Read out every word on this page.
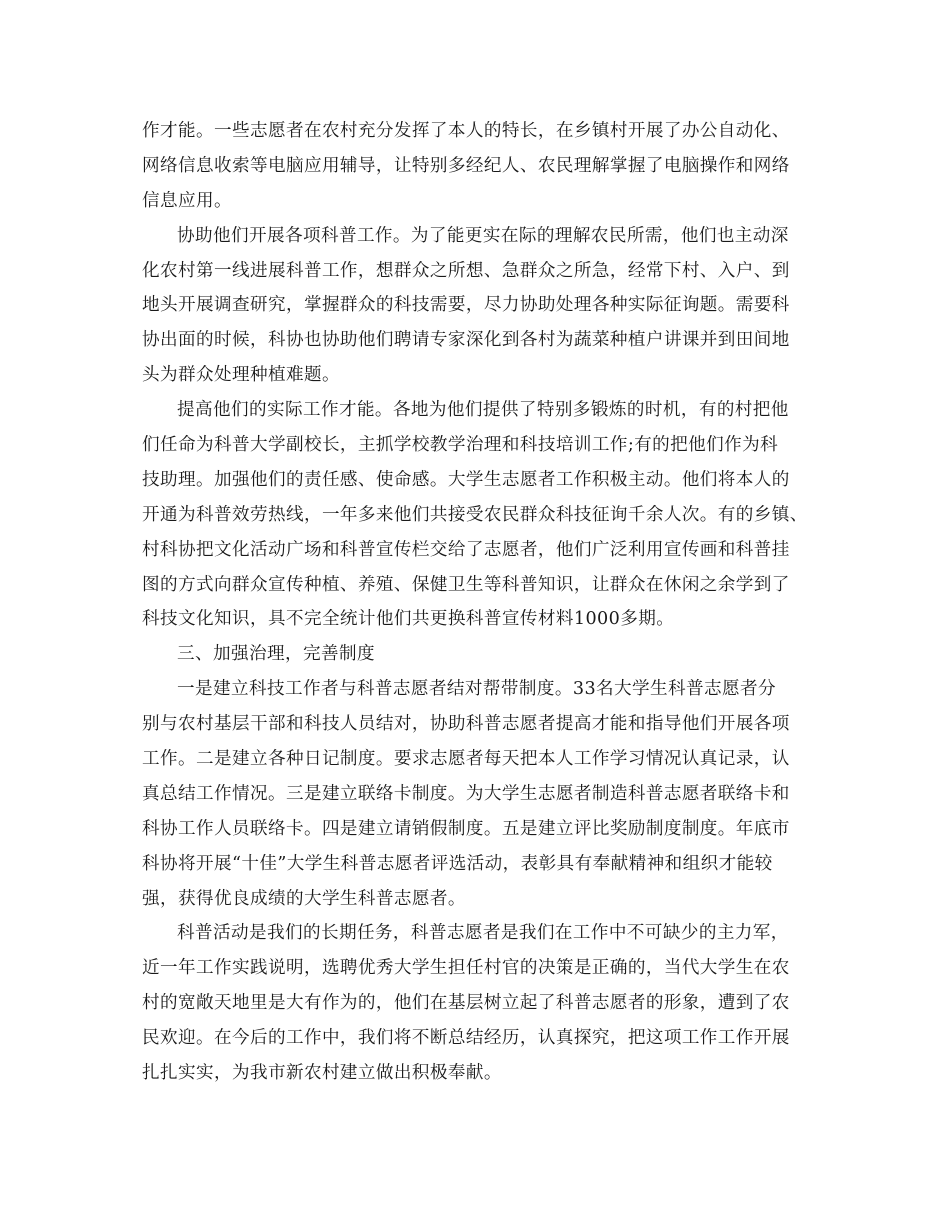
作才能。一些志愿者在农村充分发挥了本人的特长，在乡镇村开展了办公自动化、
网络信息收索等电脑应用辅导，让特别多经纪人、农民理解掌握了电脑操作和网络
信息应用。
协助他们开展各项科普工作。为了能更实在际的理解农民所需，他们也主动深
化农村第一线进展科普工作，想群众之所想、急群众之所急，经常下村、入户、到
地头开展调查研究，掌握群众的科技需要，尽力协助处理各种实际征询题。需要科
协出面的时候，科协也协助他们聘请专家深化到各村为蔬菜种植户讲课并到田间地
头为群众处理种植难题。
提高他们的实际工作才能。各地为他们提供了特别多锻炼的时机，有的村把他
们任命为科普大学副校长，主抓学校教学治理和科技培训工作;有的把他们作为科
技助理。加强他们的责任感、使命感。大学生志愿者工作积极主动。他们将本人的
开通为科普效劳热线，一年多来他们共接受农民群众科技征询千余人次。有的乡镇、
村科协把文化活动广场和科普宣传栏交给了志愿者，他们广泛利用宣传画和科普挂
图的方式向群众宣传种植、养殖、保健卫生等科普知识，让群众在休闲之余学到了
科技文化知识，具不完全统计他们共更换科普宣传材料1000多期。
三、加强治理，完善制度
一是建立科技工作者与科普志愿者结对帮带制度。33名大学生科普志愿者分
别与农村基层干部和科技人员结对，协助科普志愿者提高才能和指导他们开展各项
工作。二是建立各种日记制度。要求志愿者每天把本人工作学习情况认真记录，认
真总结工作情况。三是建立联络卡制度。为大学生志愿者制造科普志愿者联络卡和
科协工作人员联络卡。四是建立请销假制度。五是建立评比奖励制度制度。年底市
科协将开展“十佳”大学生科普志愿者评选活动，表彰具有奉献精神和组织才能较
强，获得优良成绩的大学生科普志愿者。
科普活动是我们的长期任务，科普志愿者是我们在工作中不可缺少的主力军，
近一年工作实践说明，选聘优秀大学生担任村官的决策是正确的，当代大学生在农
村的宽敞天地里是大有作为的，他们在基层树立起了科普志愿者的形象，遭到了农
民欢迎。在今后的工作中，我们将不断总结经历，认真探究，把这项工作工作开展
扎扎实实，为我市新农村建立做出积极奉献。
